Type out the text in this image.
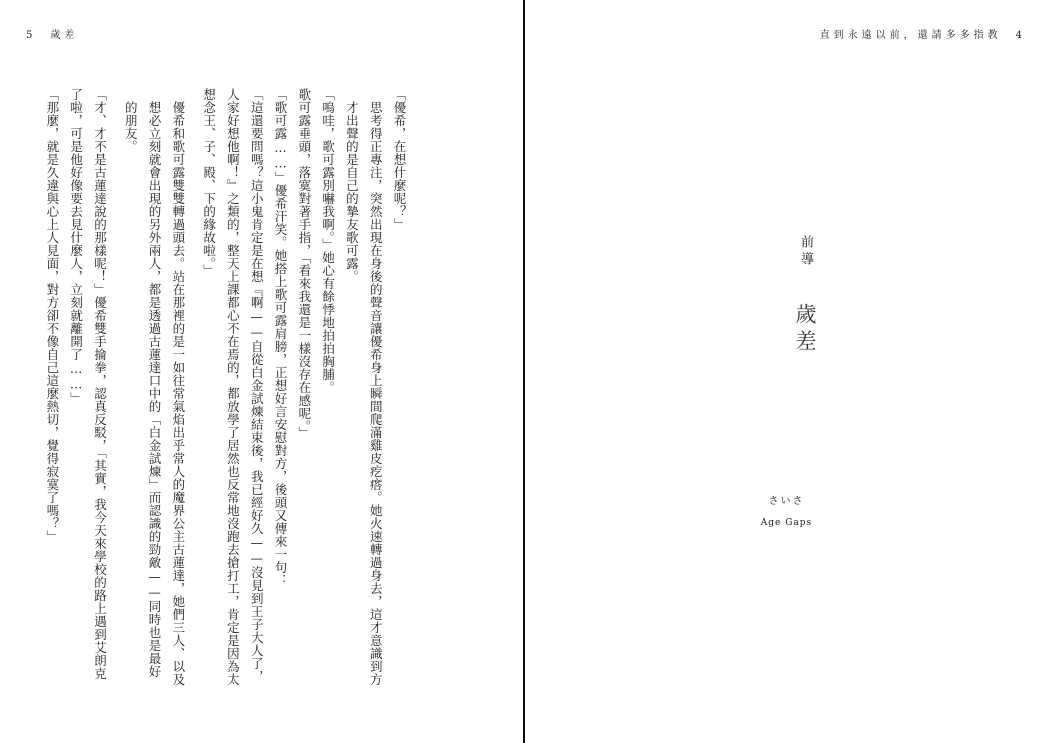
5　歲差

「優希，在想什麼呢？」

思考得正專注，突然出現在身後的聲音讓優希身上瞬間爬滿雞皮疙瘩。她火速轉過身去，這才意識到方才出聲的是自己的摯友歌可露。

「嗚哇，歌可露別嚇我啊。」她心有餘悸地拍拍胸脯。

歌可露垂頭，落寞對著手指，「看來我還是一樣沒存在感呢。」

「歌可露……」優希汗笑。她搭上歌可露肩膀，正想好言安慰對方，後頭又傳來一句：

「這還要問嗎？這小鬼肯定是在想『啊——自從白金試煉結束後，我已經好久——沒見到王子大人了，人家好想他啊！』之類的，整天上課都心不在焉的，都放學了居然也反常地沒跑去搶打工，肯定是因為太想念王、子、殿、下的緣故啦。」

優希和歌可露雙雙轉過頭去。站在那裡的是一如往常氣焰出乎常人的魔界公主古蓮達，她們三人、以及想必立刻就會出現的另外兩人，都是透過古蓮達口中的「白金試煉」而認識的勁敵——同時也是最好的朋友。

「才、才不是古蓮達說的那樣呢！」優希雙手掄拳，認真反駁，「其實，我今天來學校的路上遇到艾朗克了啦，可是他好像要去見什麼人，立刻就離開了……」

「那麼，就是久違與心上人見面，對方卻不像自己這麼熱切，覺得寂寞了嗎？」

直到永遠以前，還請多多指教　4
前導
歲差
さいさ
Age Gaps
